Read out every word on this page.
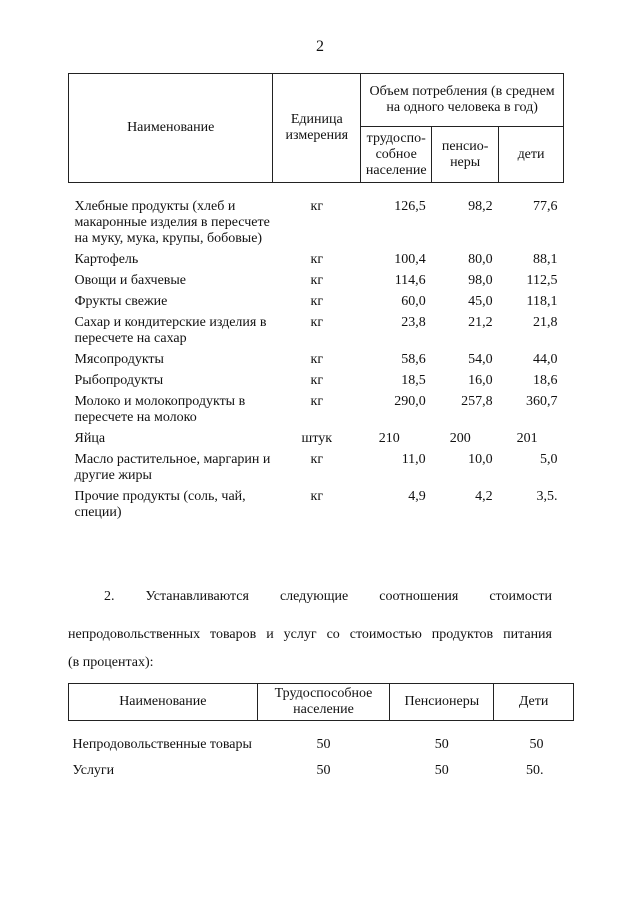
2
Наименование	Единица измерения	Объем потребления (в среднем на одного человека в год)		
		трудоспо-собное население	пенсио-неры	дети
Хлебные продукты (хлеб и макаронные изделия в пересчете на муку, мука, крупы, бобовые)	кг	126,5	98,2	77,6
Картофель	кг	100,4	80,0	88,1
Овощи и бахчевые	кг	114,6	98,0	112,5
Фрукты свежие	кг	60,0	45,0	118,1
Сахар и кондитерские изделия в пересчете на сахар	кг	23,8	21,2	21,8
Мясопродукты	кг	58,6	54,0	44,0
Рыбопродукты	кг	18,5	16,0	18,6
Молоко и молокопродукты в пересчете на молоко	кг	290,0	257,8	360,7
Яйца	штук	210	200	201
Масло растительное, маргарин и другие жиры	кг	11,0	10,0	5,0
Прочие продукты (соль, чай, специи)	кг	4,9	4,2	3,5.
2. Устанавливаются следующие соотношения стоимости
непродовольственных товаров и услуг со стоимостью продуктов питания
(в процентах):
Наименование	Трудоспособное население	Пенсионеры	Дети
Непродовольственные товары	50	50	50
Услуги	50	50	50.
